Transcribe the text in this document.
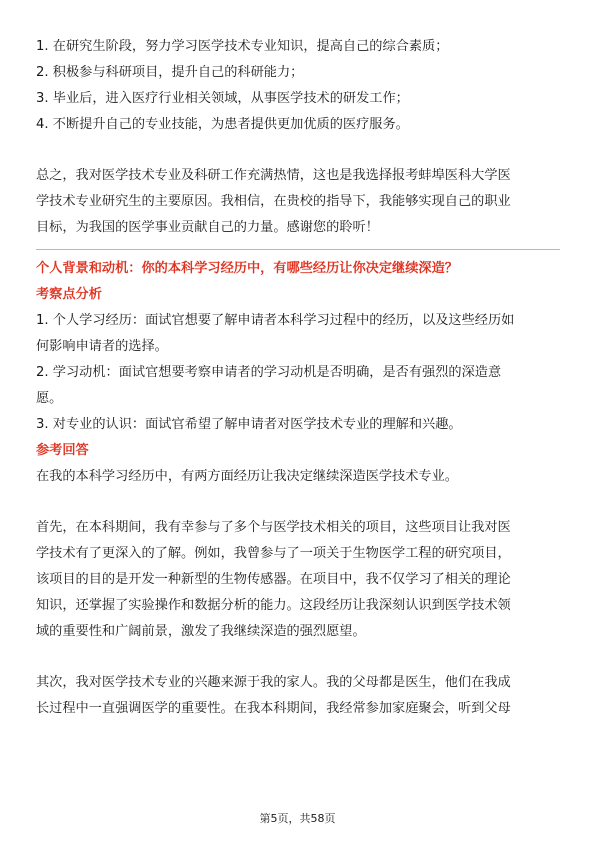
1. 在研究生阶段，努力学习医学技术专业知识，提高自己的综合素质；

2. 积极参与科研项目，提升自己的科研能力；

3. 毕业后，进入医疗行业相关领域，从事医学技术的研发工作；

4. 不断提升自己的专业技能，为患者提供更加优质的医疗服务。

总之，我对医学技术专业及科研工作充满热情，这也是我选择报考蚌埠医科大学医

学技术专业研究生的主要原因。我相信，在贵校的指导下，我能够实现自己的职业

目标，为我国的医学事业贡献自己的力量。感谢您的聆听！

个人背景和动机：你的本科学习经历中，有哪些经历让你决定继续深造？

考察点分析

1. 个人学习经历：面试官想要了解申请者本科学习过程中的经历，以及这些经历如

何影响申请者的选择。

2. 学习动机：面试官想要考察申请者的学习动机是否明确，是否有强烈的深造意

愿。

3. 对专业的认识：面试官希望了解申请者对医学技术专业的理解和兴趣。

参考回答

在我的本科学习经历中，有两方面经历让我决定继续深造医学技术专业。

首先，在本科期间，我有幸参与了多个与医学技术相关的项目，这些项目让我对医

学技术有了更深入的了解。例如，我曾参与了一项关于生物医学工程的研究项目，

该项目的目的是开发一种新型的生物传感器。在项目中，我不仅学习了相关的理论

知识，还掌握了实验操作和数据分析的能力。这段经历让我深刻认识到医学技术领

域的重要性和广阔前景，激发了我继续深造的强烈愿望。

其次，我对医学技术专业的兴趣来源于我的家人。我的父母都是医生，他们在我成

长过程中一直强调医学的重要性。在我本科期间，我经常参加家庭聚会，听到父母

第5页，共58页
